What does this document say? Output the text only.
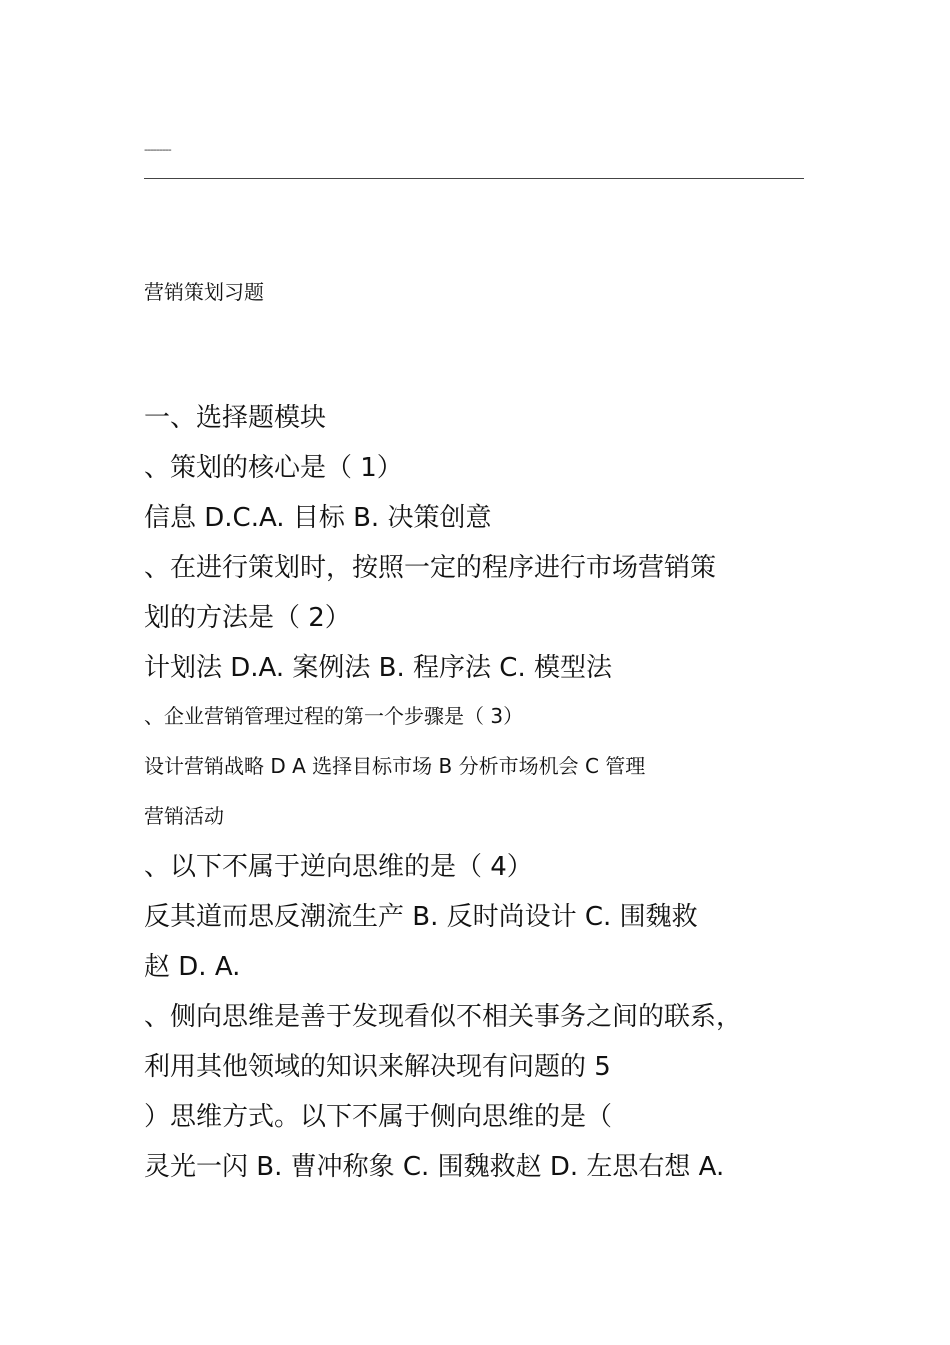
---------
营销策划习题
一、选择题模块
、策划的核心是（ 1）
信息 D.C.A. 目标 B. 决策创意
、在进行策划时，按照一定的程序进行市场营销策
划的方法是（ 2）
计划法 D.A. 案例法 B. 程序法 C. 模型法
、企业营销管理过程的第一个步骤是（ 3）
设计营销战略 D A 选择目标市场 B 分析市场机会 C 管理
营销活动
、以下不属于逆向思维的是（ 4）
反其道而思反潮流生产 B. 反时尚设计 C. 围魏救
赵 D. A.
、侧向思维是善于发现看似不相关事务之间的联系，
利用其他领域的知识来解决现有问题的 5
）思维方式。以下不属于侧向思维的是（
灵光一闪 B. 曹冲称象 C. 围魏救赵 D. 左思右想 A.
